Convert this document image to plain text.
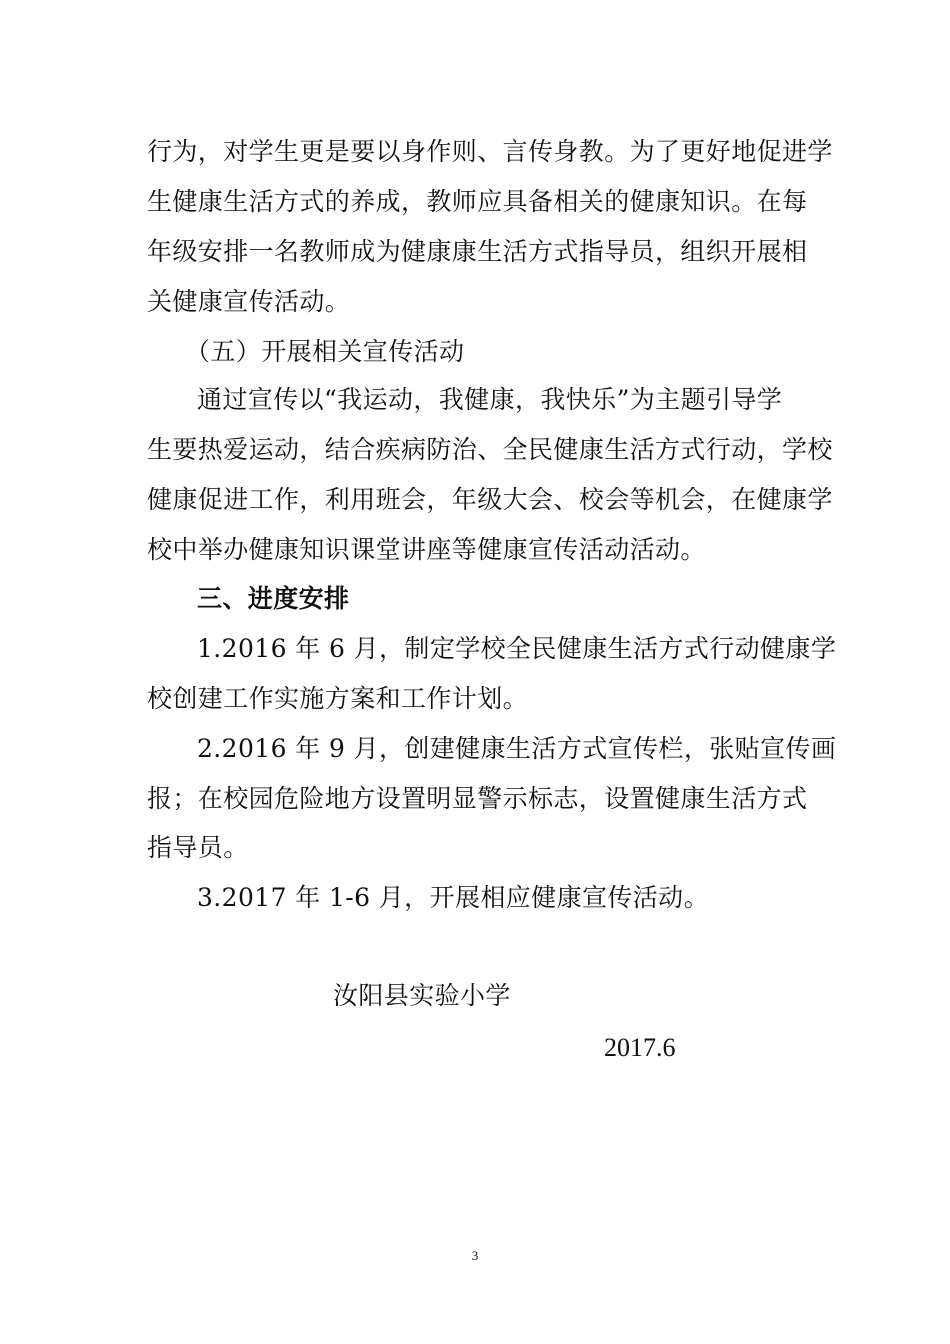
行为，对学生更是要以身作则、言传身教。为了更好地促进学
生健康生活方式的养成，教师应具备相关的健康知识。在每
年级安排一名教师成为健康康生活方式指导员，组织开展相
关健康宣传活动。
（五）开展相关宣传活动
通过宣传以“我运动，我健康，我快乐”为主题引导学
生要热爱运动，结合疾病防治、全民健康生活方式行动，学校
健康促进工作，利用班会，年级大会、校会等机会，在健康学
校中举办健康知识课堂讲座等健康宣传活动活动。
三、进度安排
1.2016 年 6 月，制定学校全民健康生活方式行动健康学
校创建工作实施方案和工作计划。
2.2016 年 9 月，创建健康生活方式宣传栏，张贴宣传画
报；在校园危险地方设置明显警示标志，设置健康生活方式
指导员。
3.2017 年 1-6 月，开展相应健康宣传活动。
汝阳县实验小学
2017.6
3
